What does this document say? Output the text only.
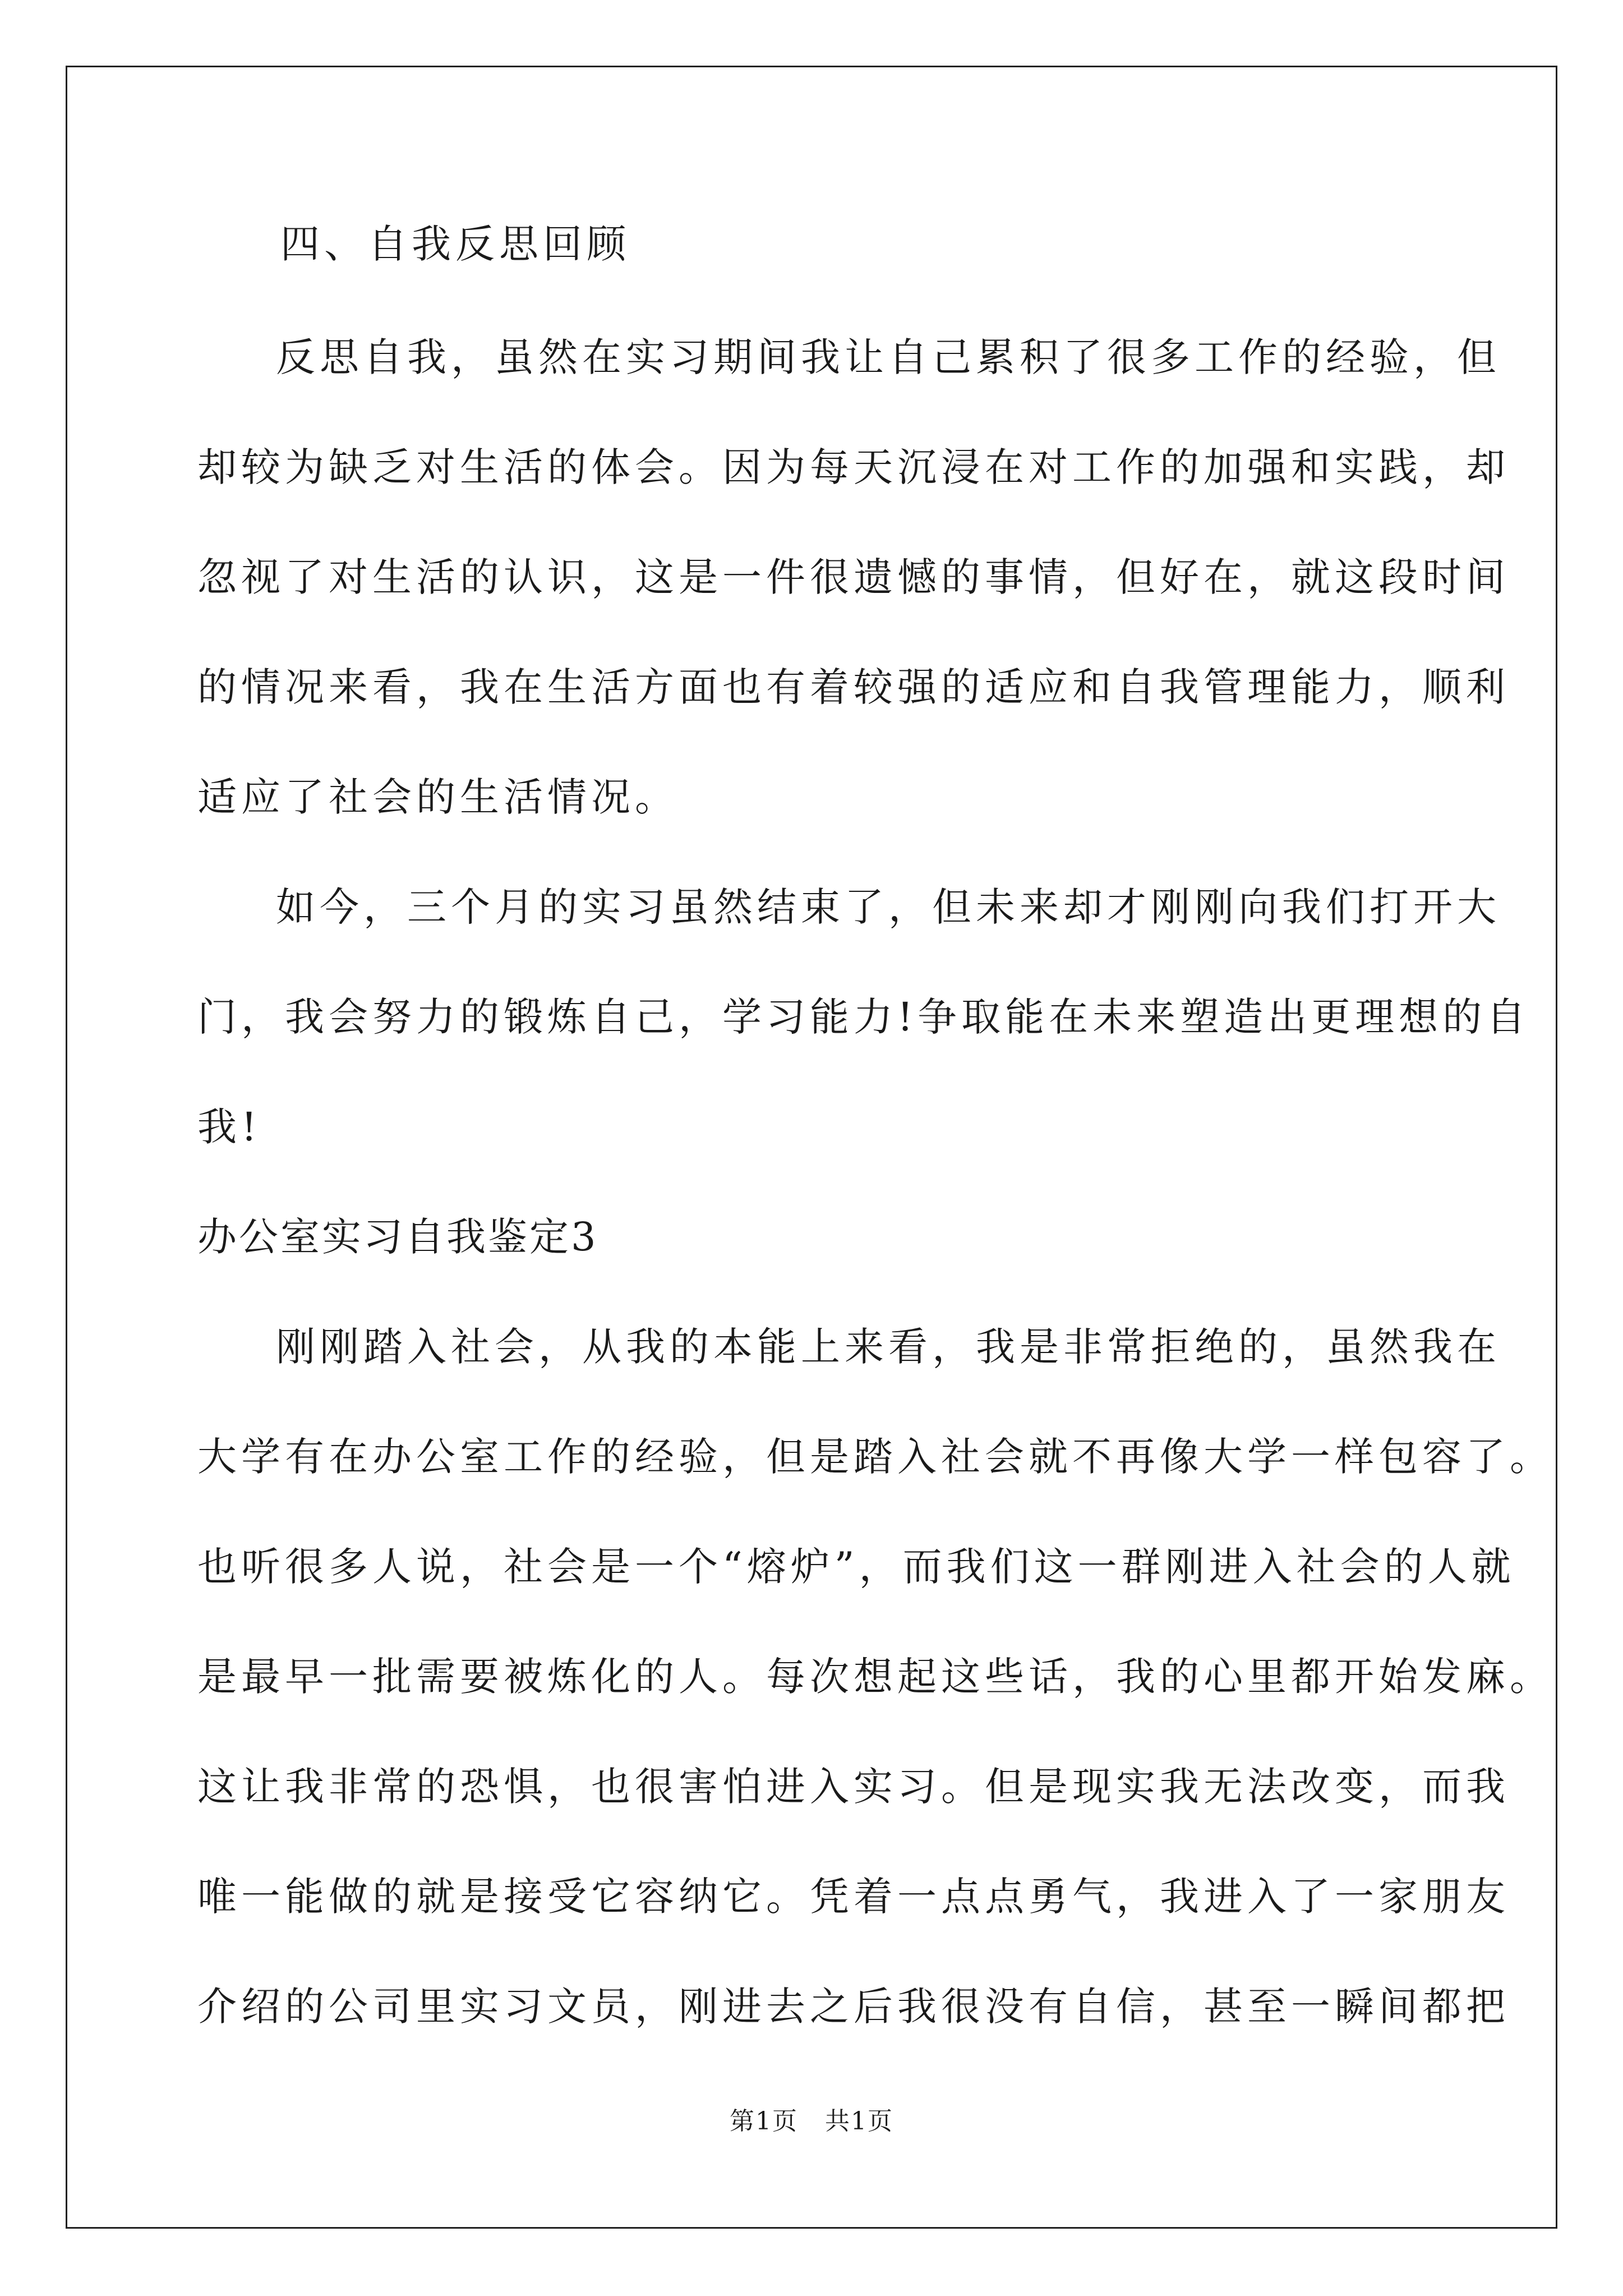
四、自我反思回顾
反思自我，虽然在实习期间我让自己累积了很多工作的经验，但
却较为缺乏对生活的体会。因为每天沉浸在对工作的加强和实践，却
忽视了对生活的认识，这是一件很遗憾的事情，但好在，就这段时间
的情况来看，我在生活方面也有着较强的适应和自我管理能力，顺利
适应了社会的生活情况。
如今，三个月的实习虽然结束了，但未来却才刚刚向我们打开大
门，我会努力的锻炼自己，学习能力!争取能在未来塑造出更理想的自
我!
办公室实习自我鉴定3
刚刚踏入社会，从我的本能上来看，我是非常拒绝的，虽然我在
大学有在办公室工作的经验，但是踏入社会就不再像大学一样包容了。
也听很多人说，社会是一个“熔炉”，而我们这一群刚进入社会的人就
是最早一批需要被炼化的人。每次想起这些话，我的心里都开始发麻。
这让我非常的恐惧，也很害怕进入实习。但是现实我无法改变，而我
唯一能做的就是接受它容纳它。凭着一点点勇气，我进入了一家朋友
介绍的公司里实习文员，刚进去之后我很没有自信，甚至一瞬间都把
第1页   共1页
